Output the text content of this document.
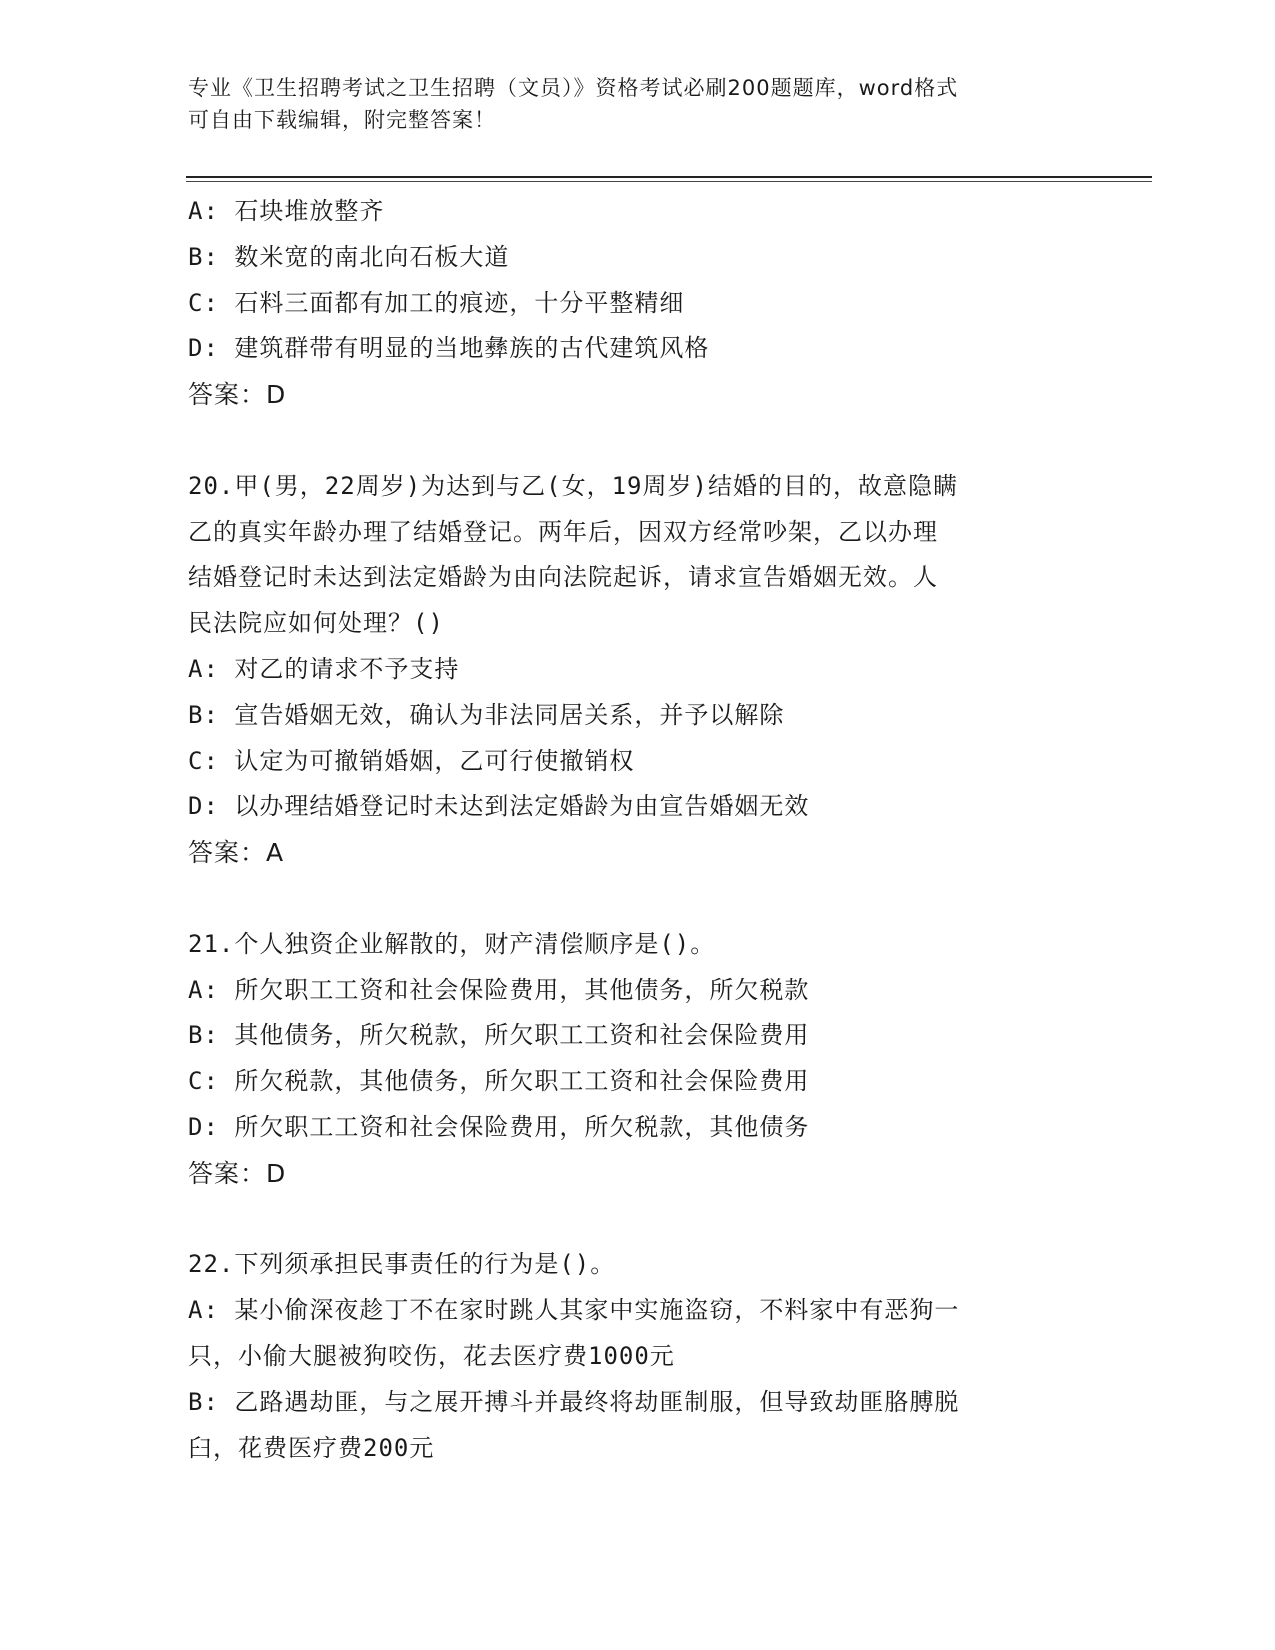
专业《卫生招聘考试之卫生招聘（文员）》资格考试必刷200题题库，word格式
可自由下载编辑，附完整答案！
A: 石块堆放整齐
B: 数米宽的南北向石板大道
C: 石料三面都有加工的痕迹，十分平整精细
D: 建筑群带有明显的当地彝族的古代建筑风格
答案：D
20.甲(男，22周岁)为达到与乙(女，19周岁)结婚的目的，故意隐瞒
乙的真实年龄办理了结婚登记。两年后，因双方经常吵架，乙以办理
结婚登记时未达到法定婚龄为由向法院起诉，请求宣告婚姻无效。人
民法院应如何处理？()
A: 对乙的请求不予支持
B: 宣告婚姻无效，确认为非法同居关系，并予以解除
C: 认定为可撤销婚姻，乙可行使撤销权
D: 以办理结婚登记时未达到法定婚龄为由宣告婚姻无效
答案：A
21.个人独资企业解散的，财产清偿顺序是()。
A: 所欠职工工资和社会保险费用，其他债务，所欠税款
B: 其他债务，所欠税款，所欠职工工资和社会保险费用
C: 所欠税款，其他债务，所欠职工工资和社会保险费用
D: 所欠职工工资和社会保险费用，所欠税款，其他债务
答案：D
22.下列须承担民事责任的行为是()。
A: 某小偷深夜趁丁不在家时跳人其家中实施盗窃，不料家中有恶狗一
只，小偷大腿被狗咬伤，花去医疗费1000元
B: 乙路遇劫匪，与之展开搏斗并最终将劫匪制服，但导致劫匪胳膊脱
臼，花费医疗费200元
